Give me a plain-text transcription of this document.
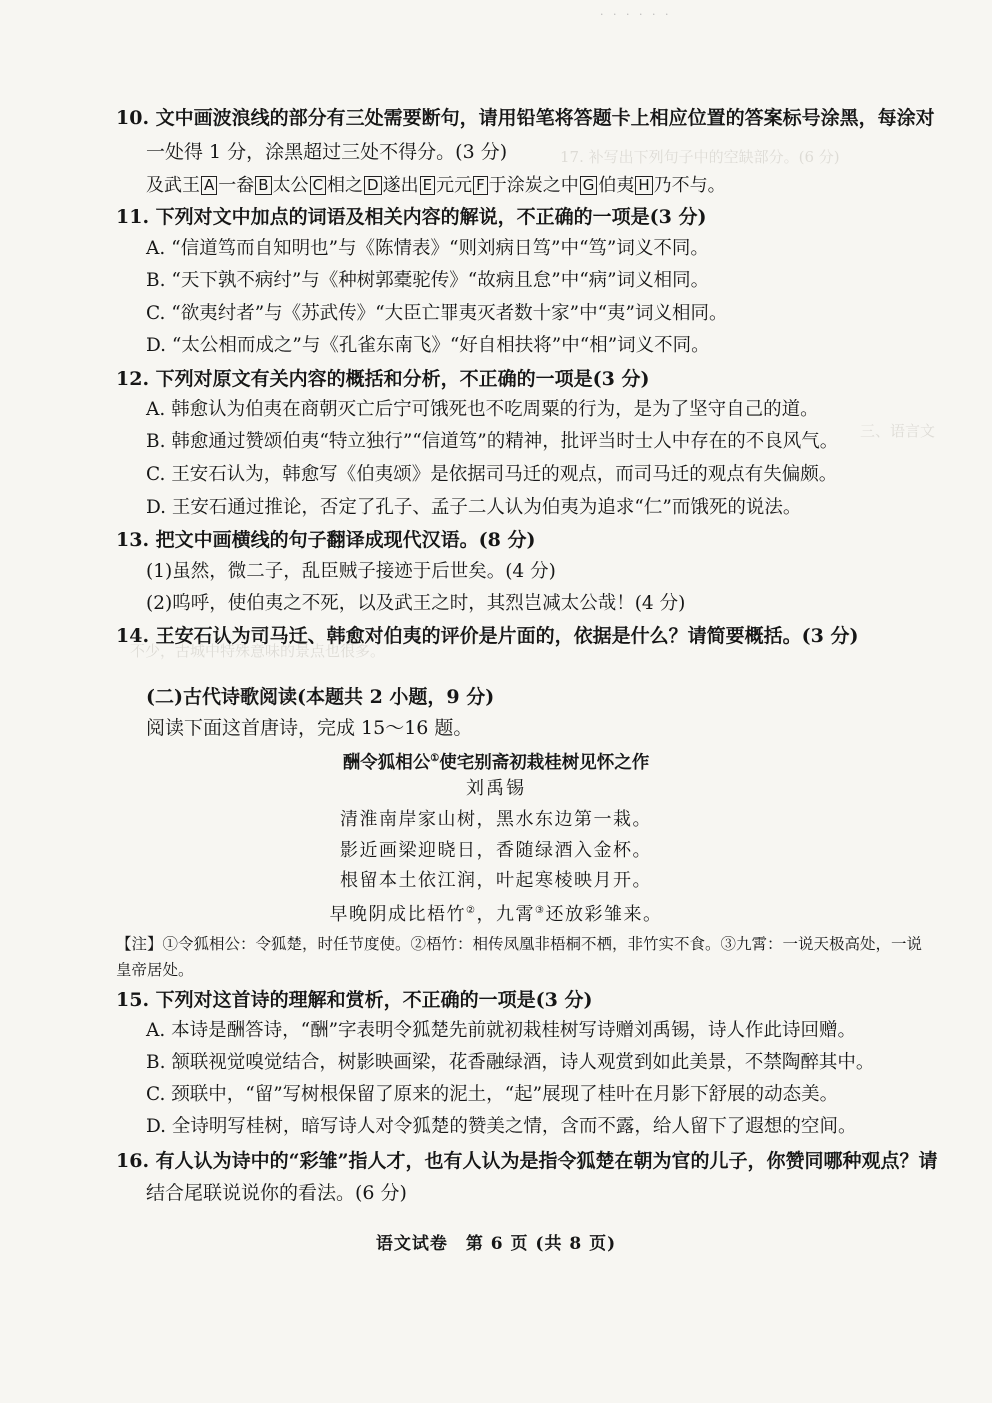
· · · · · ·
17. 补写出下列句子中的空缺部分。(6 分)
三、语言文
不少，古城中特殊意味的景点也很多。
10. 文中画波浪线的部分有三处需要断句，请用铅笔将答题卡上相应位置的答案标号涂黑，每涂对
一处得 1 分，涂黑超过三处不得分。(3 分)
及武王 A 一畚 B 太公 C 相之 D 遂出 E 元元 F 于涂炭之中 G 伯夷 H 乃不与。
11. 下列对文中加点的词语及相关内容的解说，不正确的一项是(3 分)
A. “信道笃而自知明也”与《陈情表》“则刘病日笃”中“笃”词义不同。
B. “天下孰不病纣”与《种树郭橐驼传》“故病且怠”中“病”词义相同。
C. “欲夷纣者”与《苏武传》“大臣亡罪夷灭者数十家”中“夷”词义相同。
D. “太公相而成之”与《孔雀东南飞》“好自相扶将”中“相”词义不同。
12. 下列对原文有关内容的概括和分析，不正确的一项是(3 分)
A. 韩愈认为伯夷在商朝灭亡后宁可饿死也不吃周粟的行为，是为了坚守自己的道。
B. 韩愈通过赞颂伯夷“特立独行”“信道笃”的精神，批评当时士人中存在的不良风气。
C. 王安石认为，韩愈写《伯夷颂》是依据司马迁的观点，而司马迁的观点有失偏颇。
D. 王安石通过推论，否定了孔子、孟子二人认为伯夷为追求“仁”而饿死的说法。
13. 把文中画横线的句子翻译成现代汉语。(8 分)
(1)虽然，微二子，乱臣贼子接迹于后世矣。(4 分)
(2)呜呼，使伯夷之不死，以及武王之时，其烈岂减太公哉！(4 分)
14. 王安石认为司马迁、韩愈对伯夷的评价是片面的，依据是什么？请简要概括。(3 分)
(二)古代诗歌阅读(本题共 2 小题，9 分)
阅读下面这首唐诗，完成 15～16 题。
酬令狐相公①使宅别斋初栽桂树见怀之作
刘禹锡
清淮南岸家山树，黑水东边第一栽。
影近画梁迎晓日，香随绿酒入金杯。
根留本土依江润，叶起寒棱映月开。
早晚阴成比梧竹②，九霄③还放彩雏来。
【注】①令狐相公：令狐楚，时任节度使。②梧竹：相传凤凰非梧桐不栖，非竹实不食。③九霄：一说天极高处，一说
皇帝居处。
15. 下列对这首诗的理解和赏析，不正确的一项是(3 分)
A. 本诗是酬答诗，“酬”字表明令狐楚先前就初栽桂树写诗赠刘禹锡，诗人作此诗回赠。
B. 颔联视觉嗅觉结合，树影映画梁，花香融绿酒，诗人观赏到如此美景，不禁陶醉其中。
C. 颈联中，“留”写树根保留了原来的泥土，“起”展现了桂叶在月影下舒展的动态美。
D. 全诗明写桂树，暗写诗人对令狐楚的赞美之情，含而不露，给人留下了遐想的空间。
16. 有人认为诗中的“彩雏”指人才，也有人认为是指令狐楚在朝为官的儿子，你赞同哪种观点？请
结合尾联说说你的看法。(6 分)
语文试卷　第 6 页 (共 8 页)
